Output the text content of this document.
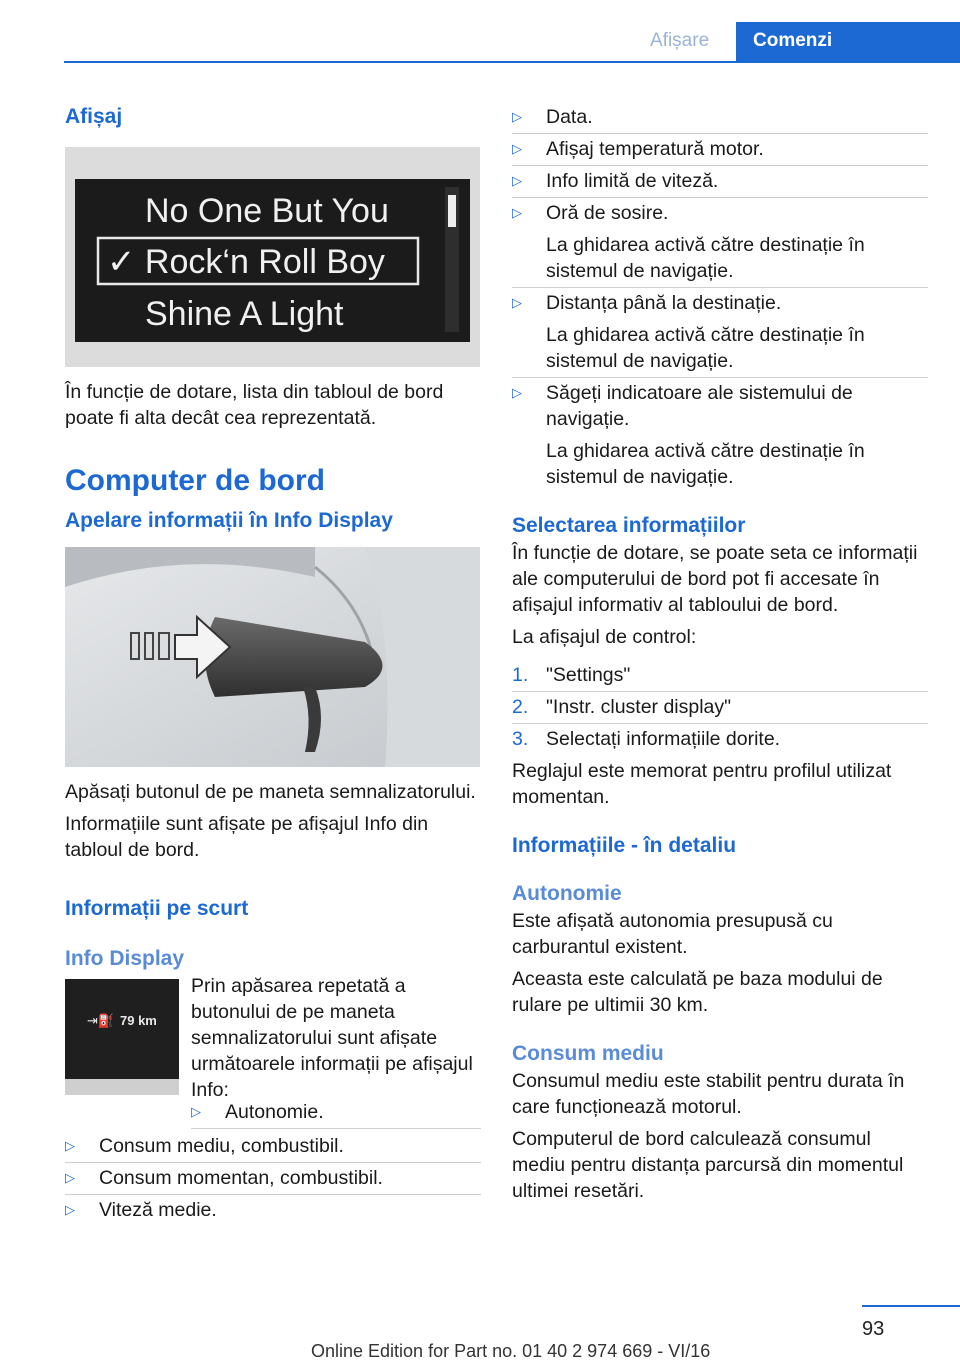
Afișare	Comenzi
Afișaj
No One But You
✓ Rock‘n Roll Boy
Shine A Light

În funcție de dotare, lista din tabloul de bord poate fi alta decât cea reprezentată.

Computer de bord
Apelare informații în Info Display

Apăsați butonul de pe maneta semnalizatorului.

Informațiile sunt afișate pe afișajul Info din tabloul de bord.

Informații pe scurt
Info Display
⇥⛽ 79 km

Prin apăsarea repetată a butonului de pe maneta semnalizatorului sunt afișate următoarele informații pe afișajul Info:

▷ Autonomie.

▷ Consum mediu, combustibil.

▷ Consum momentan, combustibil.

▷ Viteză medie.

▷ Data.

▷ Afișaj temperatură motor.

▷ Info limită de viteză.

▷ Oră de sosire.

La ghidarea activă către destinație în sistemul de navigație.

▷ Distanța până la destinație.

La ghidarea activă către destinație în sistemul de navigație.

▷ Săgeți indicatoare ale sistemului de navigație.

La ghidarea activă către destinație în sistemul de navigație.

Selectarea informațiilor

În funcție de dotare, se poate seta ce informații ale computerului de bord pot fi accesate în afișajul informativ al tabloului de bord.

La afișajul de control:

1. "Settings"

2. "Instr. cluster display"

3. Selectați informațiile dorite.

Reglajul este memorat pentru profilul utilizat momentan.

Informațiile - în detaliu
Autonomie

Este afișată autonomia presupusă cu carburantul existent.

Aceasta este calculată pe baza modului de rulare pe ultimii 30 km.

Consum mediu

Consumul mediu este stabilit pentru durata în care funcționează motorul.

Computerul de bord calculează consumul mediu pentru distanța parcursă din momentul ultimei resetări.

93
Online Edition for Part no. 01 40 2 974 669 - VI/16
